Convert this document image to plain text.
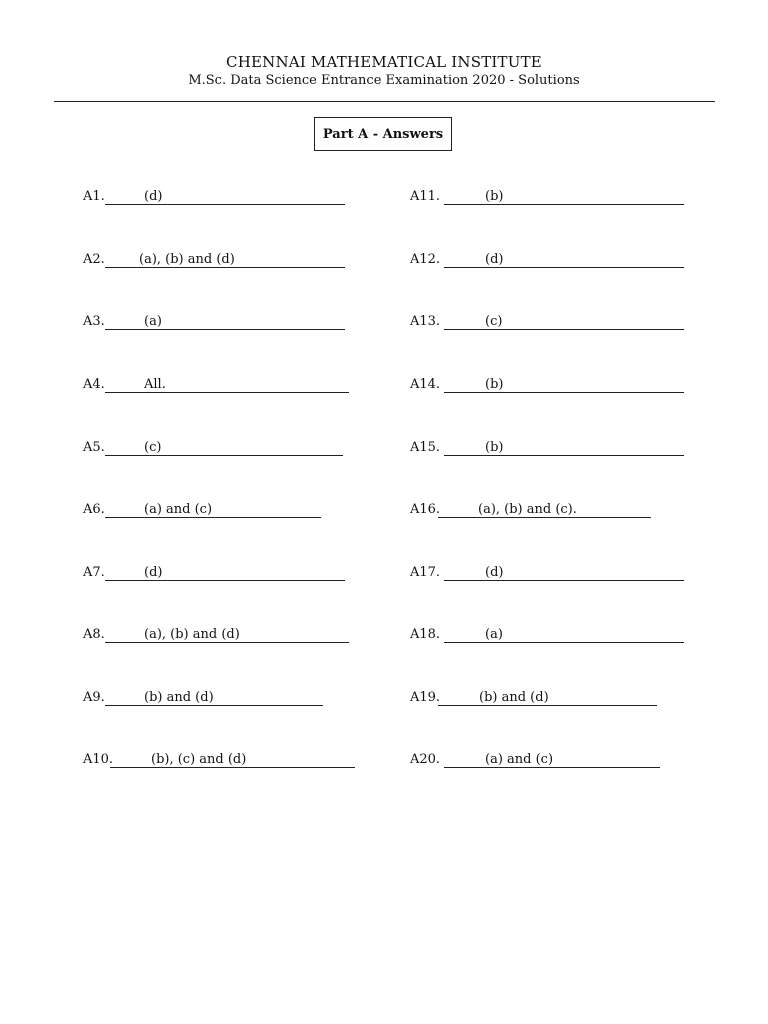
CHENNAI MATHEMATICAL INSTITUTE
M.Sc. Data Science Entrance Examination 2020 - Solutions
Part A - Answers
A1.	(d)
A2.	(a), (b) and (d)
A3.	(a)
A4.	All.
A5.	(c)
A6.	(a) and (c)
A7.	(d)
A8.	(a), (b) and (d)
A9.	(b) and (d)
A10.	(b), (c) and (d)
A11.	(b)
A12.	(d)
A13.	(c)
A14.	(b)
A15.	(b)
A16.	(a), (b) and (c).
A17.	(d)
A18.	(a)
A19.	(b) and (d)
A20.	(a) and (c)
